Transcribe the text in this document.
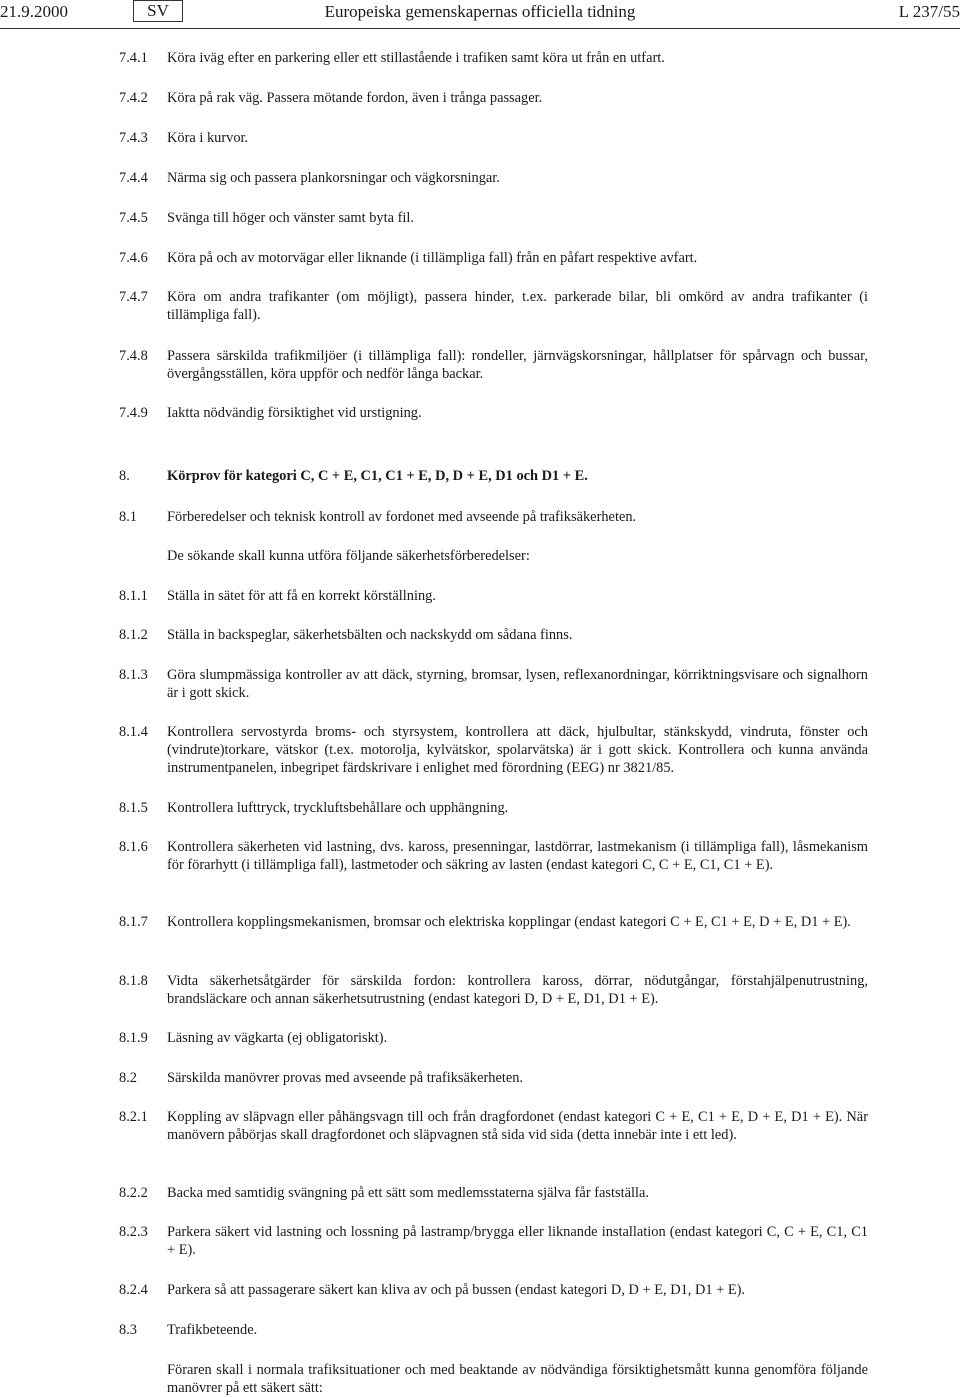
21.9.2000	Europeiska gemenskapernas officiella tidning
SV	L 237/55
7.4.1 Köra iväg efter en parkering eller ett stillastående i trafiken samt köra ut från en utfart.
7.4.2 Köra på rak väg. Passera mötande fordon, även i trånga passager.
7.4.3 Köra i kurvor.
7.4.4 Närma sig och passera plankorsningar och vägkorsningar.
7.4.5 Svänga till höger och vänster samt byta fil.
7.4.6 Köra på och av motorvägar eller liknande (i tillämpliga fall) från en påfart respektive avfart.
7.4.7 Köra om andra trafikanter (om möjligt), passera hinder, t.ex. parkerade bilar, bli omkörd av andra trafikanter (i tillämpliga fall).
7.4.8 Passera särskilda trafikmiljöer (i tillämpliga fall): rondeller, järnvägskorsningar, hållplatser för spårvagn och bussar, övergångsställen, köra uppför och nedför långa backar.
7.4.9 Iaktta nödvändig försiktighet vid urstigning.
8.	Körprov för kategori C, C + E, C1, C1 + E, D, D + E, D1 och D1 + E.
8.1 Förberedelser och teknisk kontroll av fordonet med avseende på trafiksäkerheten.
De sökande skall kunna utföra följande säkerhetsförberedelser:
8.1.1 Ställa in sätet för att få en korrekt körställning.
8.1.2 Ställa in backspeglar, säkerhetsbälten och nackskydd om sådana finns.
8.1.3 Göra slumpmässiga kontroller av att däck, styrning, bromsar, lysen, reflexanordningar, körriktningsvisare och signalhorn är i gott skick.
8.1.4 Kontrollera servostyrda broms- och styrsystem, kontrollera att däck, hjulbultar, stänkskydd, vindruta, fönster och (vindrute)torkare, vätskor (t.ex. motorolja, kylvätskor, spolarvätska) är i gott skick. Kontrollera och kunna använda instrumentpanelen, inbegripet färdskrivare i enlighet med förordning (EEG) nr 3821/85.
8.1.5 Kontrollera lufttryck, tryckluftsbehållare och upphängning.
8.1.6 Kontrollera säkerheten vid lastning, dvs. kaross, presenningar, lastdörrar, lastmekanism (i tillämpliga fall), låsmekanism för förarhytt (i tillämpliga fall), lastmetoder och säkring av lasten (endast kategori C, C + E, C1, C1 + E).
8.1.7 Kontrollera kopplingsmekanismen, bromsar och elektriska kopplingar (endast kategori C + E, C1 + E, D + E, D1 + E).
8.1.8 Vidta säkerhetsåtgärder för särskilda fordon: kontrollera kaross, dörrar, nödutgångar, förstahjälpenutrustning, brandsläckare och annan säkerhetsutrustning (endast kategori D, D + E, D1, D1 + E).
8.1.9 Läsning av vägkarta (ej obligatoriskt).
8.2 Särskilda manövrer provas med avseende på trafiksäkerheten.
8.2.1 Koppling av släpvagn eller påhängsvagn till och från dragfordonet (endast kategori C + E, C1 + E, D + E, D1 + E). När manövern påbörjas skall dragfordonet och släpvagnen stå sida vid sida (detta innebär inte i ett led).
8.2.2 Backa med samtidig svängning på ett sätt som medlemsstaterna själva får fastställa.
8.2.3 Parkera säkert vid lastning och lossning på lastramp/brygga eller liknande installation (endast kategori C, C + E, C1, C1 + E).
8.2.4 Parkera så att passagerare säkert kan kliva av och på bussen (endast kategori D, D + E, D1, D1 + E).
8.3 Trafikbeteende.
Föraren skall i normala trafiksituationer och med beaktande av nödvändiga försiktighetsmått kunna genomföra följande manövrer på ett säkert sätt:
